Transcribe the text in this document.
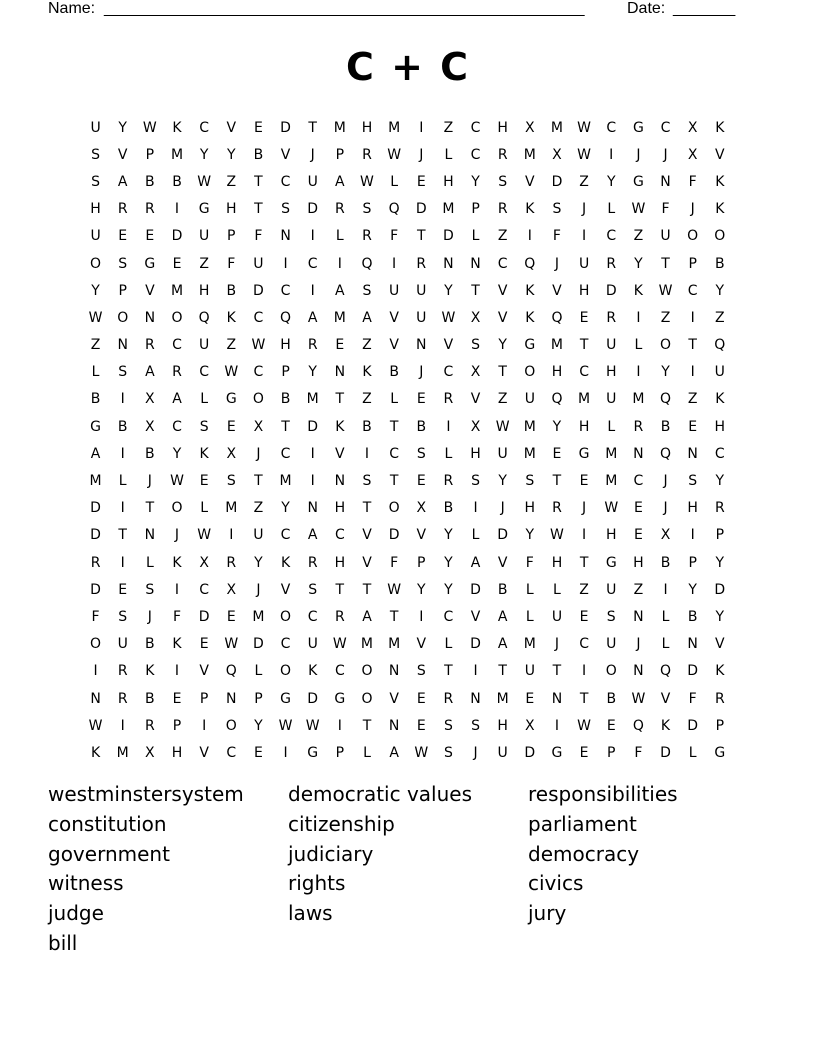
Name: ______________________________________________________	Date: _______
C + C
U	Y	W	K	C	V	E	D	T	M	H	M	I	Z	C	H	X	M	W	C	G	C	X	K
S	V	P	M	Y	Y	B	V	J	P	R	W	J	L	C	R	M	X	W	I	J	J	X	V
S	A	B	B	W	Z	T	C	U	A	W	L	E	H	Y	S	V	D	Z	Y	G	N	F	K
H	R	R	I	G	H	T	S	D	R	S	Q	D	M	P	R	K	S	J	L	W	F	J	K
U	E	E	D	U	P	F	N	I	L	R	F	T	D	L	Z	I	F	I	C	Z	U	O	O
O	S	G	E	Z	F	U	I	C	I	Q	I	R	N	N	C	Q	J	U	R	Y	T	P	B
Y	P	V	M	H	B	D	C	I	A	S	U	U	Y	T	V	K	V	H	D	K	W	C	Y
W	O	N	O	Q	K	C	Q	A	M	A	V	U	W	X	V	K	Q	E	R	I	Z	I	Z
Z	N	R	C	U	Z	W	H	R	E	Z	V	N	V	S	Y	G	M	T	U	L	O	T	Q
L	S	A	R	C	W	C	P	Y	N	K	B	J	C	X	T	O	H	C	H	I	Y	I	U
B	I	X	A	L	G	O	B	M	T	Z	L	E	R	V	Z	U	Q	M	U	M	Q	Z	K
G	B	X	C	S	E	X	T	D	K	B	T	B	I	X	W	M	Y	H	L	R	B	E	H
A	I	B	Y	K	X	J	C	I	V	I	C	S	L	H	U	M	E	G	M	N	Q	N	C
M	L	J	W	E	S	T	M	I	N	S	T	E	R	S	Y	S	T	E	M	C	J	S	Y
D	I	T	O	L	M	Z	Y	N	H	T	O	X	B	I	J	H	R	J	W	E	J	H	R
D	T	N	J	W	I	U	C	A	C	V	D	V	Y	L	D	Y	W	I	H	E	X	I	P
R	I	L	K	X	R	Y	K	R	H	V	F	P	Y	A	V	F	H	T	G	H	B	P	Y
D	E	S	I	C	X	J	V	S	T	T	W	Y	Y	D	B	L	L	Z	U	Z	I	Y	D
F	S	J	F	D	E	M	O	C	R	A	T	I	C	V	A	L	U	E	S	N	L	B	Y
O	U	B	K	E	W	D	C	U	W	M	M	V	L	D	A	M	J	C	U	J	L	N	V
I	R	K	I	V	Q	L	O	K	C	O	N	S	T	I	T	U	T	I	O	N	Q	D	K
N	R	B	E	P	N	P	G	D	G	O	V	E	R	N	M	E	N	T	B	W	V	F	R
W	I	R	P	I	O	Y	W W	I	T	N	E	S	S	H	X	I	W	E	Q	K	D	P
K	M	X	H	V	C	E	I	G	P	L	A	W	S	J	U	D	G	E	P	F	D	L	G
westminstersystem
constitution
government
witness
judge
bill
democratic values
citizenship
judiciary
rights
laws
responsibilities
parliament
democracy
civics
jury
